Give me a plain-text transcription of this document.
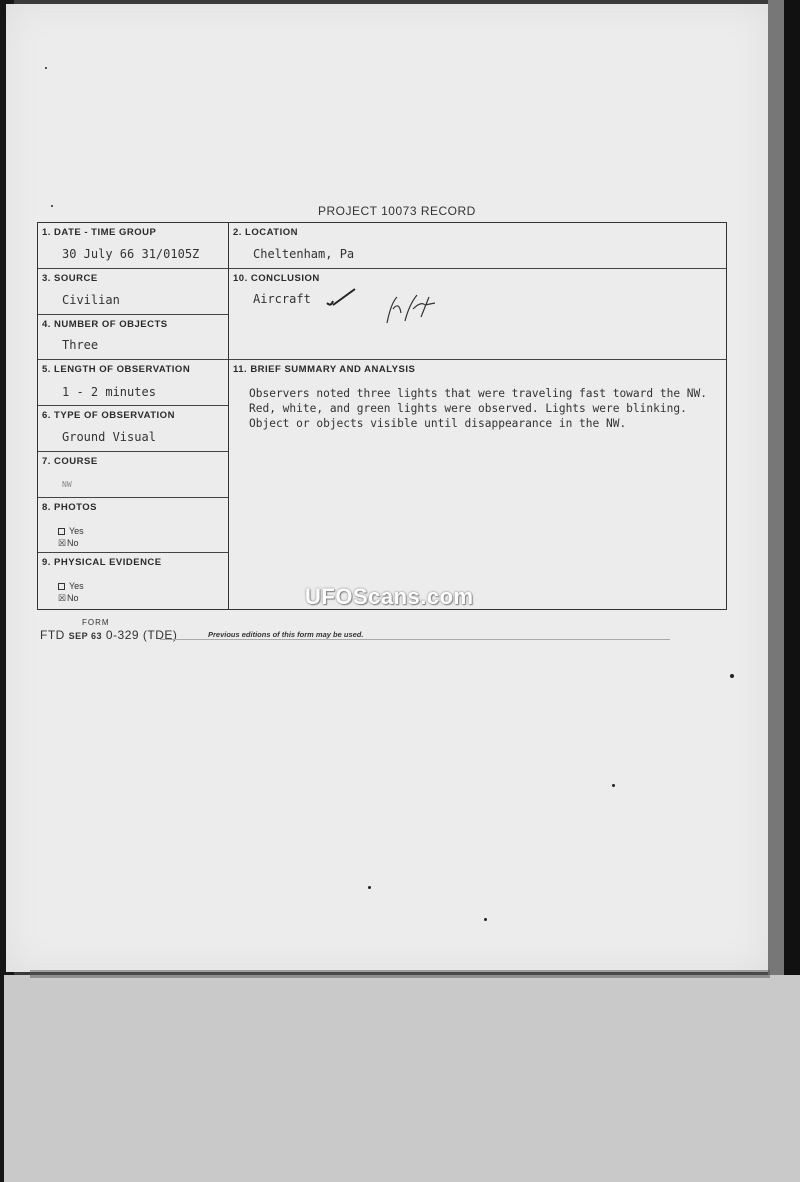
PROJECT 10073 RECORD
1. DATE - TIME GROUP
30 July 66 31/0105Z
3. SOURCE
Civilian
4. NUMBER OF OBJECTS
Three
5. LENGTH OF OBSERVATION
1 - 2 minutes
6. TYPE OF OBSERVATION
Ground Visual
7. COURSE
NW
8. PHOTOS
Yes
☒No
9. PHYSICAL EVIDENCE
Yes
☒No
2. LOCATION
Cheltenham, Pa
10. CONCLUSION
Aircraft
11. BRIEF SUMMARY AND ANALYSIS
Observers noted three lights that were traveling fast toward the NW. Red, white, and green lights were observed. Lights were blinking. Object or objects visible until disappearance in the NW.
UFOScans.com
FORM
FTD SEP 63 0-329 (TDE)	Previous editions of this form may be used.
